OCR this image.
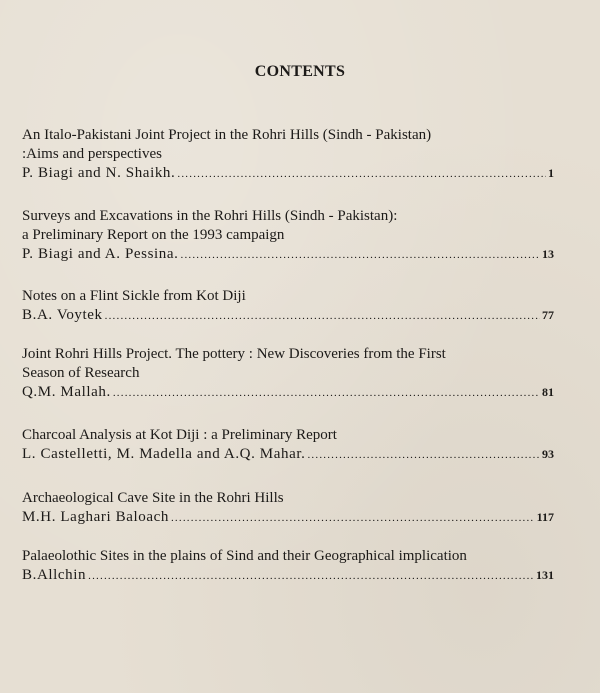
CONTENTS
An Italo-Pakistani Joint Project in the Rohri Hills (Sindh - Pakistan)
:Aims and perspectives
P. Biagi and N. Shaikh. .....	1
Surveys and Excavations in the Rohri Hills (Sindh - Pakistan):
a Preliminary Report on the 1993 campaign
P. Biagi and A. Pessina. .....	13
Notes on a Flint Sickle from Kot Diji
B.A. Voytek .....	77
Joint Rohri Hills Project. The pottery : New Discoveries from the First
Season of Research
Q.M. Mallah. .....	81
Charcoal Analysis at Kot Diji : a Preliminary Report
L. Castelletti, M. Madella and A.Q. Mahar. .....	93
Archaeological Cave Site in the Rohri Hills
M.H. Laghari Baloach .....	117
Palaeolothic Sites in the plains of Sind and their Geographical implication
B.Allchin .....	131
